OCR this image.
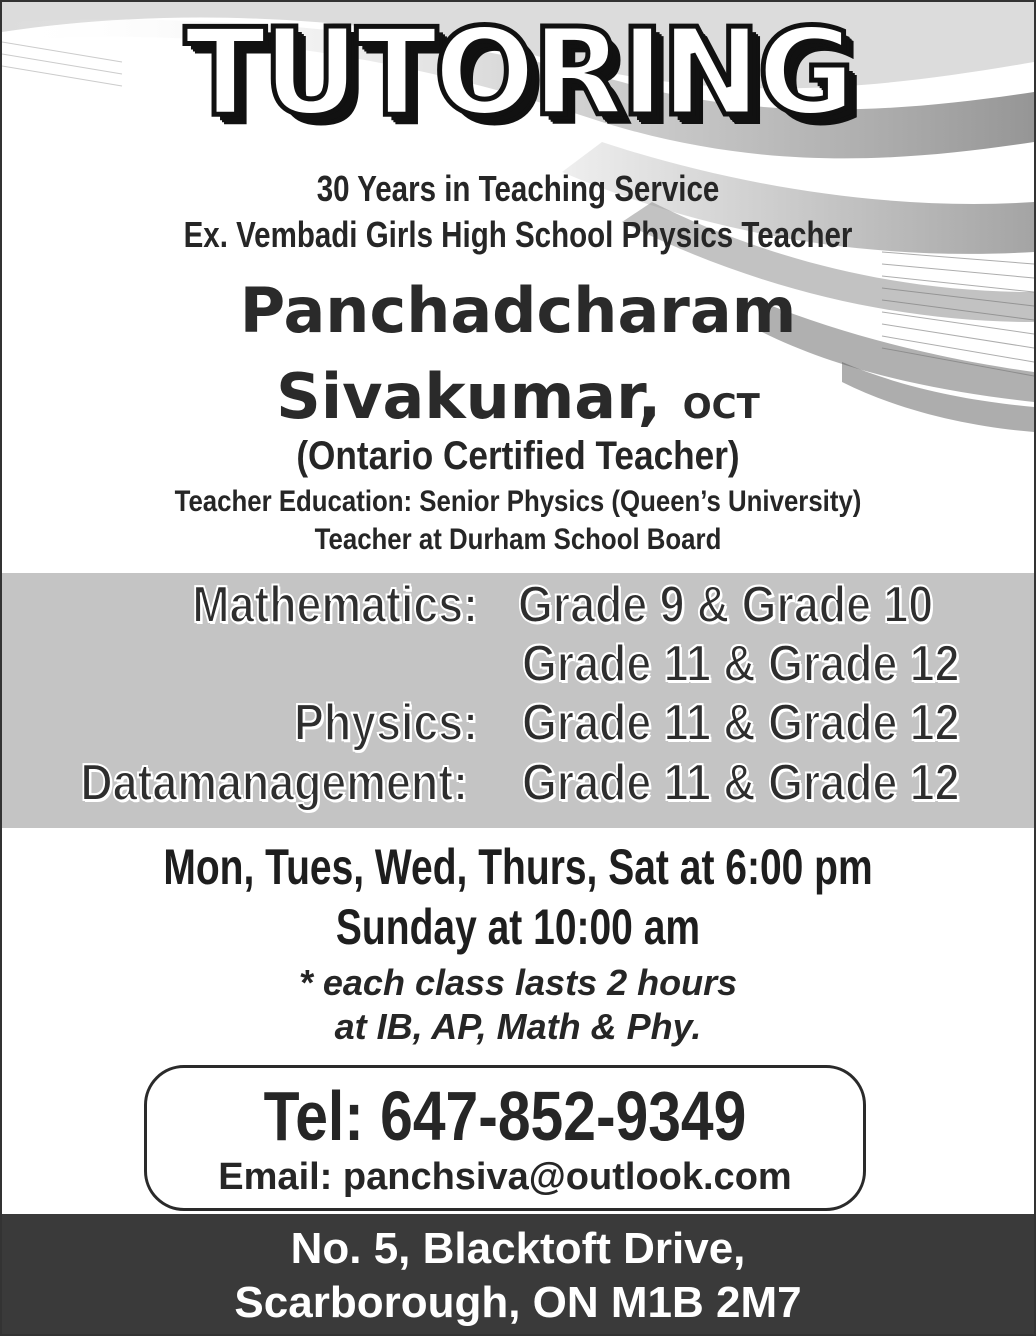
TUTORING
30 Years in Teaching Service
Ex. Vembadi Girls High School Physics Teacher
Panchadcharam
Sivakumar, OCT
(Ontario Certified Teacher)
Teacher Education: Senior Physics (Queen’s University)
Teacher at Durham School Board
Mathematics: Grade 9 & Grade 10
Grade 11 & Grade 12
Physics: Grade 11 & Grade 12
Datamanagement: Grade 11 & Grade 12
Mon, Tues, Wed, Thurs, Sat at 6:00 pm
Sunday at 10:00 am
* each class lasts 2 hours
at IB, AP, Math & Phy.
Tel: 647-852-9349
Email: panchsiva@outlook.com
No. 5, Blacktoft Drive,
Scarborough, ON M1B 2M7
